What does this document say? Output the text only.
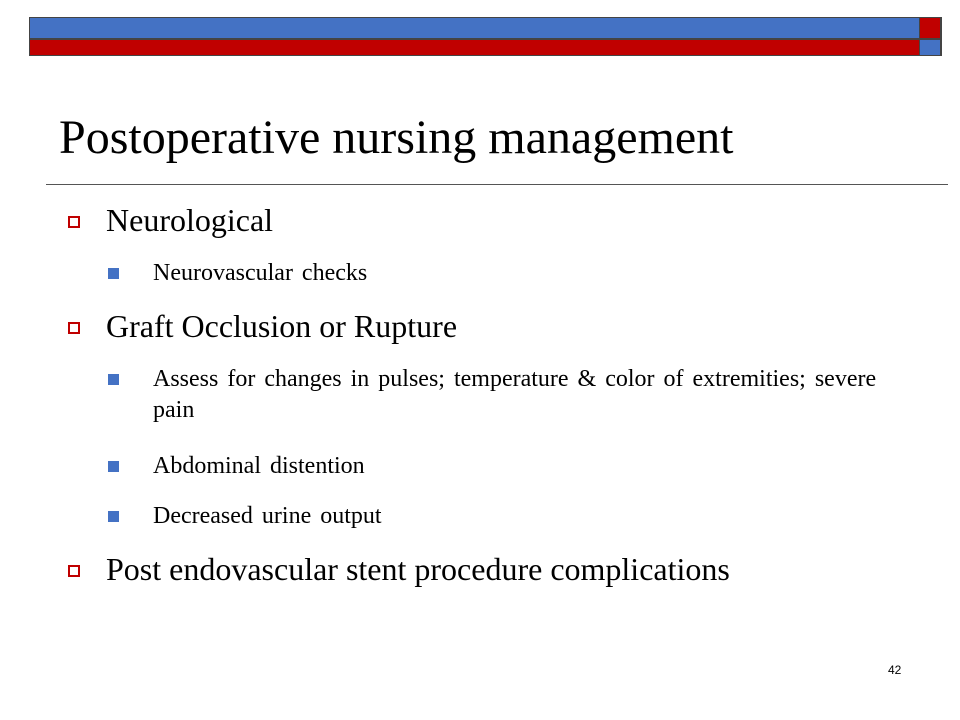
Postoperative nursing management
Neurological
Neurovascular checks
Graft Occlusion or Rupture
Assess for changes in pulses; temperature & color of extremities; severe pain
Abdominal distention
Decreased urine output
Post endovascular stent procedure complications
42
